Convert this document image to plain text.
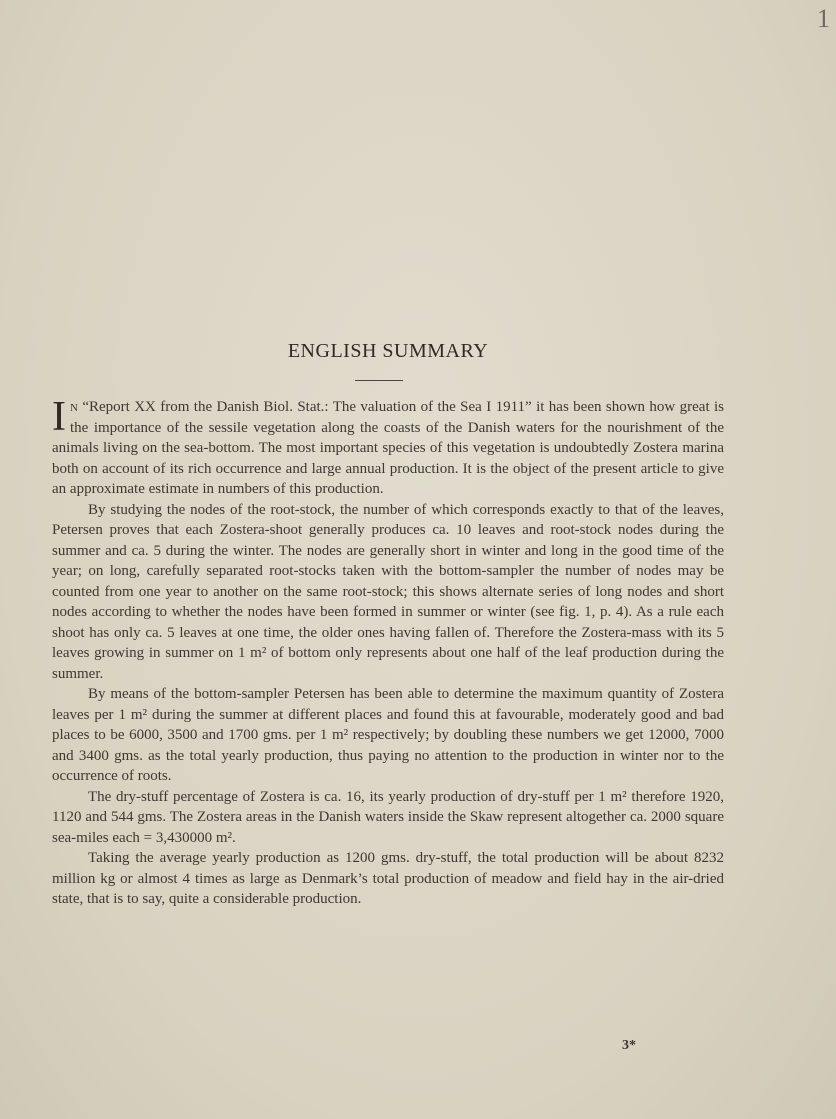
1
ENGLISH SUMMARY

In “Report XX from the Danish Biol. Stat.: The valuation of the Sea I 1911” it has been shown how great is the importance of the sessile vegetation along the coasts of the Danish waters for the nourishment of the animals living on the sea-bottom. The most important species of this vegetation is undoubtedly Zostera marina both on account of its rich occurrence and large annual production. It is the object of the present article to give an approximate estimate in numbers of this production.

By studying the nodes of the root-stock, the number of which corresponds exactly to that of the leaves, Petersen proves that each Zostera-shoot generally produces ca. 10 leaves and root-stock nodes during the summer and ca. 5 during the winter. The nodes are generally short in winter and long in the good time of the year; on long, carefully separated root-stocks taken with the bottom-sampler the number of nodes may be counted from one year to another on the same root-stock; this shows alternate series of long nodes and short nodes according to whether the nodes have been formed in summer or winter (see fig. 1, p. 4). As a rule each shoot has only ca. 5 leaves at one time, the older ones having fallen of. Therefore the Zostera-mass with its 5 leaves growing in summer on 1 m² of bottom only represents about one half of the leaf production during the summer.

By means of the bottom-sampler Petersen has been able to determine the maximum quantity of Zostera leaves per 1 m² during the summer at different places and found this at favourable, moderately good and bad places to be 6000, 3500 and 1700 gms. per 1 m² respectively; by doubling these numbers we get 12000, 7000 and 3400 gms. as the total yearly production, thus paying no attention to the production in winter nor to the occurrence of roots.

The dry-stuff percentage of Zostera is ca. 16, its yearly production of dry-stuff per 1 m² therefore 1920, 1120 and 544 gms. The Zostera areas in the Danish waters inside the Skaw represent altogether ca. 2000 square sea-miles each = 3,430000 m².

Taking the average yearly production as 1200 gms. dry-stuff, the total production will be about 8232 million kg or almost 4 times as large as Denmark’s total production of meadow and field hay in the air-dried state, that is to say, quite a considerable production.

3*
